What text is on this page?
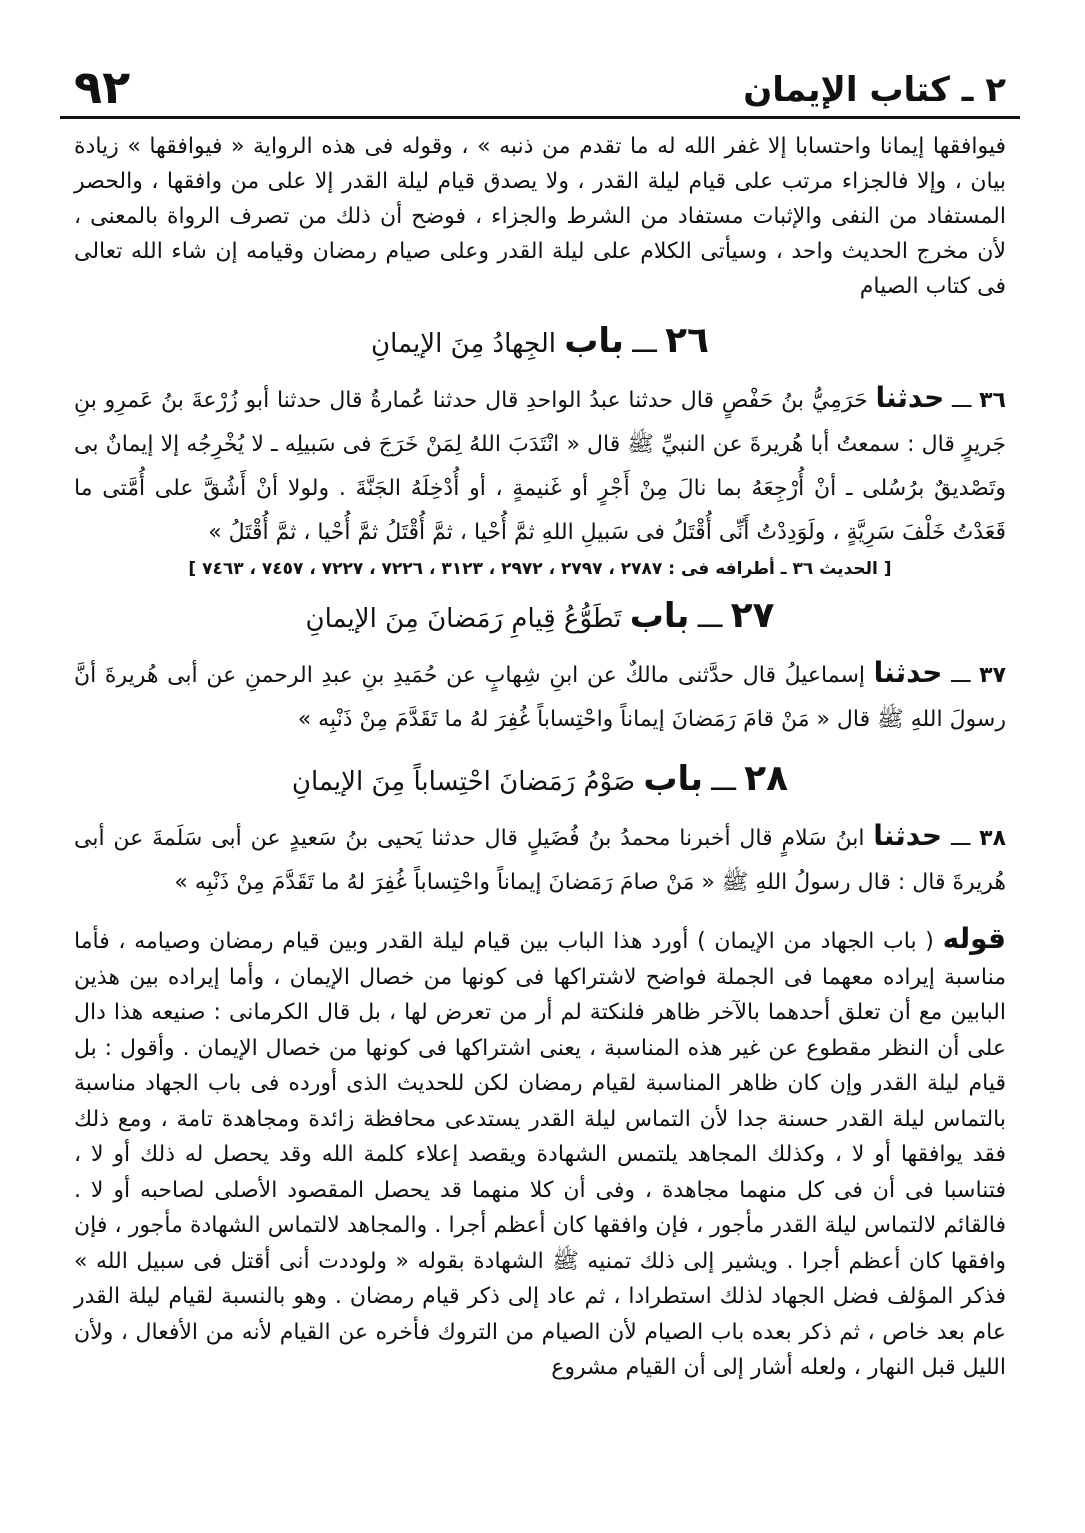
٩٢	٢ ـ كتاب الإيمان
فيوافقها إيمانا واحتسابا إلا غفر الله له ما تقدم من ذنبه » ، وقوله فى هذه الرواية « فيوافقها » زيادة بيان ، وإلا فالجزاء مرتب على قيام ليلة القدر ، ولا يصدق قيام ليلة القدر إلا على من وافقها ، والحصر المستفاد من النفى والإثبات مستفاد من الشرط والجزاء ، فوضح أن ذلك من تصرف الرواة بالمعنى ، لأن مخرج الحديث واحد ، وسيأتى الكلام على ليلة القدر وعلى صيام رمضان وقيامه إن شاء الله تعالى فى كتاب الصيام
٢٦ ـــ باب الجِهادُ مِنَ الإيمانِ
٣٦ ـــ حدثنا حَرَمِيُّ بنُ حَفْصٍ قال حدثنا عبدُ الواحدِ قال حدثنا عُمارةُ قال حدثنا أبو زُرْعةَ بنُ عَمرِو بنِ جَريرٍ قال : سمعتُ أبا هُريرةَ عن النبيِّ ﷺ قال « انْتَدَبَ اللهُ لِمَنْ خَرَجَ فى سَبيلِه ـ لا يُخْرِجُه إلا إيمانٌ بى وتَصْديقٌ برُسُلى ـ أنْ أُرْجِعَهُ بما نالَ مِنْ أَجْرٍ أو غَنيمةٍ ، أو أُدْخِلَهُ الجَنَّةَ . ولولا أنْ أَشُقَّ على أُمَّتى ما قَعَدْتُ خَلْفَ سَرِيَّةٍ ، ولَوَدِدْتُ أَنِّى أُقْتَلُ فى سَبيلِ اللهِ ثمَّ أُحْيا ، ثمَّ أُقْتَلُ ثمَّ أُحْيا ، ثمَّ أُقْتَلُ »
[ الحديث ٣٦ ـ أطرافه فى : ٢٧٨٧ ، ٢٧٩٧ ، ٢٩٧٢ ، ٣١٢٣ ، ٧٢٢٦ ، ٧٢٢٧ ، ٧٤٥٧ ، ٧٤٦٣ ]
٢٧ ـــ باب تَطَوُّعُ قِيامِ رَمَضانَ مِنَ الإيمانِ
٣٧ ـــ حدثنا إسماعيلُ قال حدَّثنى مالكٌ عن ابنِ شِهابٍ عن حُمَيدِ بنِ عبدِ الرحمنِ عن أبى هُريرةَ أنَّ رسولَ اللهِ ﷺ قال « مَنْ قامَ رَمَضانَ إيماناً واحْتِساباً غُفِرَ لهُ ما تَقَدَّمَ مِنْ ذَنْبِه »
٢٨ ـــ باب صَوْمُ رَمَضانَ احْتِساباً مِنَ الإيمانِ
٣٨ ـــ حدثنا ابنُ سَلامٍ قال أخبرنا محمدُ بنُ فُضَيلٍ قال حدثنا يَحيى بنُ سَعيدٍ عن أبى سَلَمةَ عن أبى هُريرةَ قال : قال رسولُ اللهِ ﷺ « مَنْ صامَ رَمَضانَ إيماناً واحْتِساباً غُفِرَ لهُ ما تَقَدَّمَ مِنْ ذَنْبِه »
قوله ( باب الجهاد من الإيمان ) أورد هذا الباب بين قيام ليلة القدر وبين قيام رمضان وصيامه ، فأما مناسبة إيراده معهما فى الجملة فواضح لاشتراكها فى كونها من خصال الإيمان ، وأما إيراده بين هذين البابين مع أن تعلق أحدهما بالآخر ظاهر فلنكتة لم أر من تعرض لها ، بل قال الكرمانى : صنيعه هذا دال على أن النظر مقطوع عن غير هذه المناسبة ، يعنى اشتراكها فى كونها من خصال الإيمان . وأقول : بل قيام ليلة القدر وإن كان ظاهر المناسبة لقيام رمضان لكن للحديث الذى أورده فى باب الجهاد مناسبة بالتماس ليلة القدر حسنة جدا لأن التماس ليلة القدر يستدعى محافظة زائدة ومجاهدة تامة ، ومع ذلك فقد يوافقها أو لا ، وكذلك المجاهد يلتمس الشهادة ويقصد إعلاء كلمة الله وقد يحصل له ذلك أو لا ، فتناسبا فى أن فى كل منهما مجاهدة ، وفى أن كلا منهما قد يحصل المقصود الأصلى لصاحبه أو لا . فالقائم لالتماس ليلة القدر مأجور ، فإن وافقها كان أعظم أجرا . والمجاهد لالتماس الشهادة مأجور ، فإن وافقها كان أعظم أجرا . ويشير إلى ذلك تمنيه ﷺ الشهادة بقوله « ولوددت أنى أقتل فى سبيل الله » فذكر المؤلف فضل الجهاد لذلك استطرادا ، ثم عاد إلى ذكر قيام رمضان . وهو بالنسبة لقيام ليلة القدر عام بعد خاص ، ثم ذكر بعده باب الصيام لأن الصيام من التروك فأخره عن القيام لأنه من الأفعال ، ولأن الليل قبل النهار ، ولعله أشار إلى أن القيام مشروع
